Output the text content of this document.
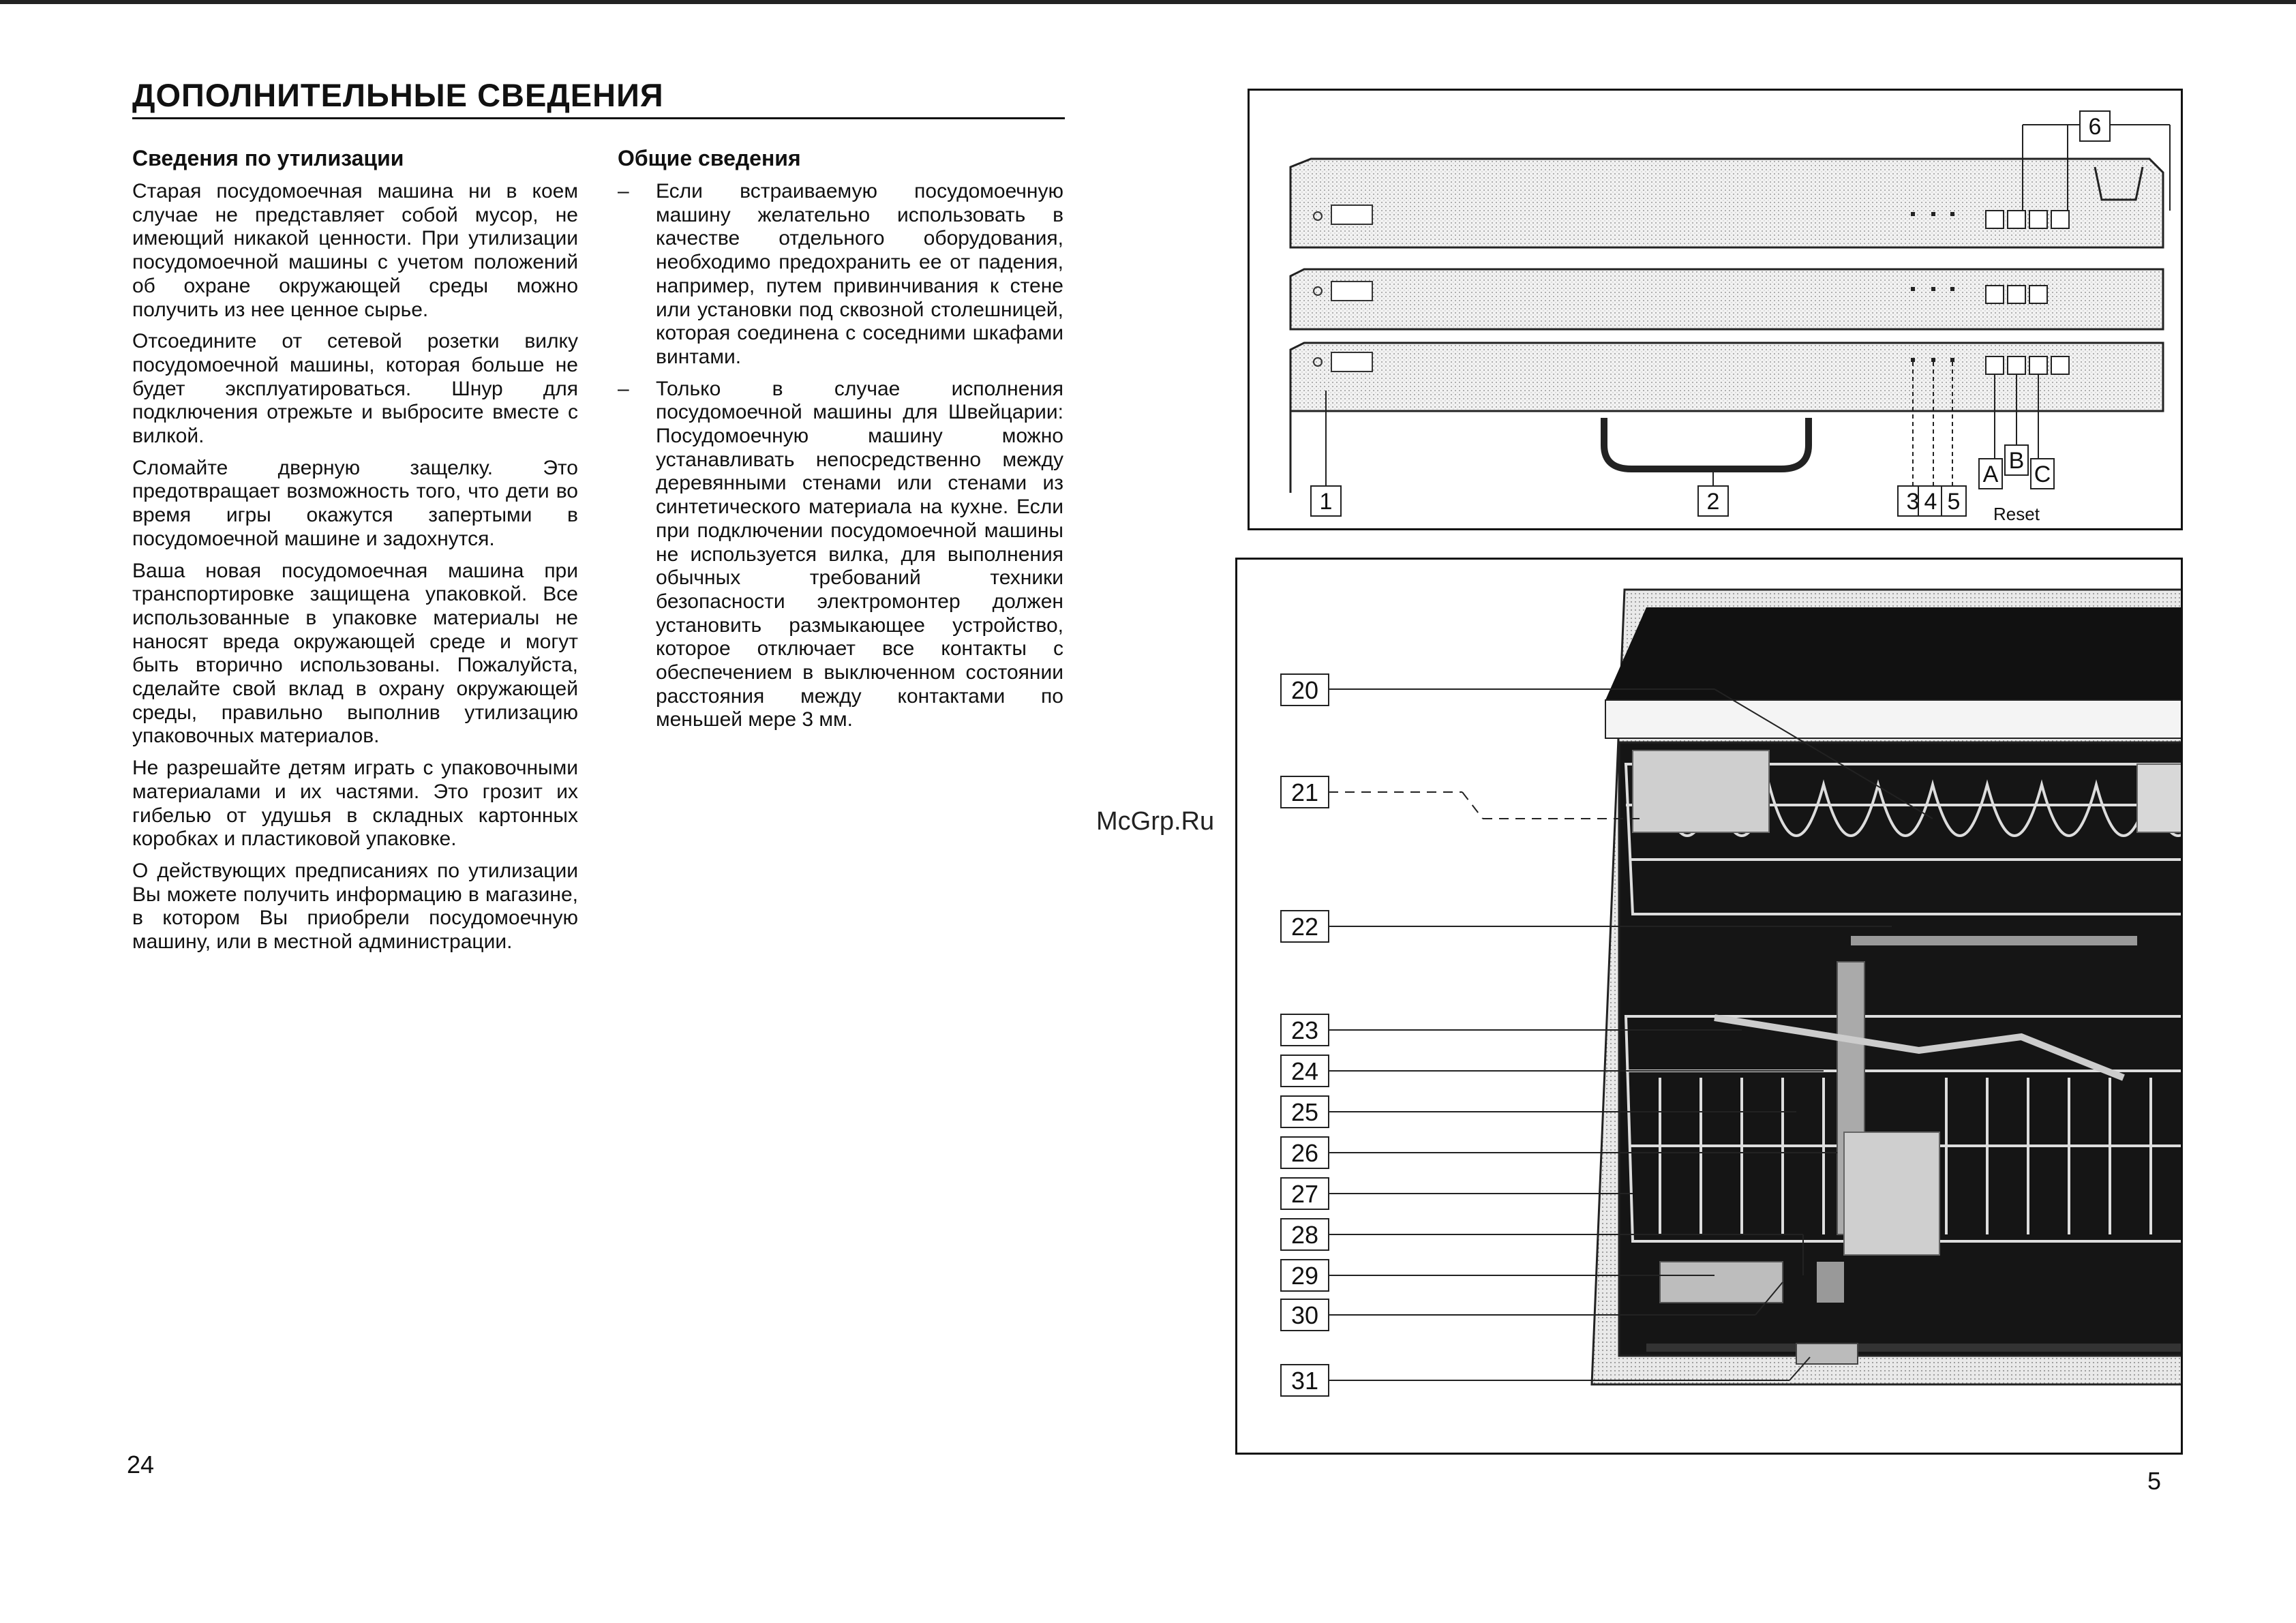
ДОПОЛНИТЕЛЬНЫЕ СВЕДЕНИЯ
Сведения по утилизации

Старая посудомоечная машина ни в коем случае не представляет собой мусор, не имеющий никакой ценности. При утилизации посудомоечной машины с учетом положений об охране окружающей среды можно получить из нее ценное сырье.

Отсоедините от сетевой розетки вилку посудомоечной машины, которая больше не будет эксплуатироваться. Шнур для подключения отрежьте и выбросите вместе с вилкой.

Сломайте дверную защелку. Это предотвращает возможность того, что дети во время игры окажутся запертыми в посудомоечной машине и задохнутся.

Ваша новая посудомоечная машина при транспортировке защищена упаковкой. Все использованные в упаковке материалы не наносят вреда окружающей среде и могут быть вторично использованы. Пожалуйста, сделайте свой вклад в охрану окружающей среды, правильно выполнив утилизацию упаковочных материалов.

Не разрешайте детям играть с упаковочными материалами и их частями. Это грозит их гибелью от удушья в складных картонных коробках и пластиковой упаковке.

О действующих предписаниях по утилизации Вы можете получить информацию в магазине, в котором Вы приобрели посудомоечную машину, или в местной администрации.

Общие сведения
– Если встраиваемую посудомоечную машину желательно использовать в качестве отдельного оборудования, необходимо предохранить ее от падения, например, путем привинчивания к стене или установки под сквозной столешницей, которая соединена с соседними шкафами винтами.
– Только в случае исполнения посудомоечной машины для Швейцарии: Посудомоечную машину можно устанавливать непосредственно между деревянными стенами или стенами из синтетического материала на кухне. Если при подключении посудомоечной машины не используется вилка, для выполнения обычных требований техники безопасности электромонтер должен установить размыкающее устройство, которое отключает все контакты с обеспечением в выключенном состоянии расстояния между контактами по меньшей мере 3 мм.
24
5
McGrp.Ru
6
1	2	3 4 5
A
B
C
Reset
20
21
22
23
24
25
26
27
28
29
30
31
